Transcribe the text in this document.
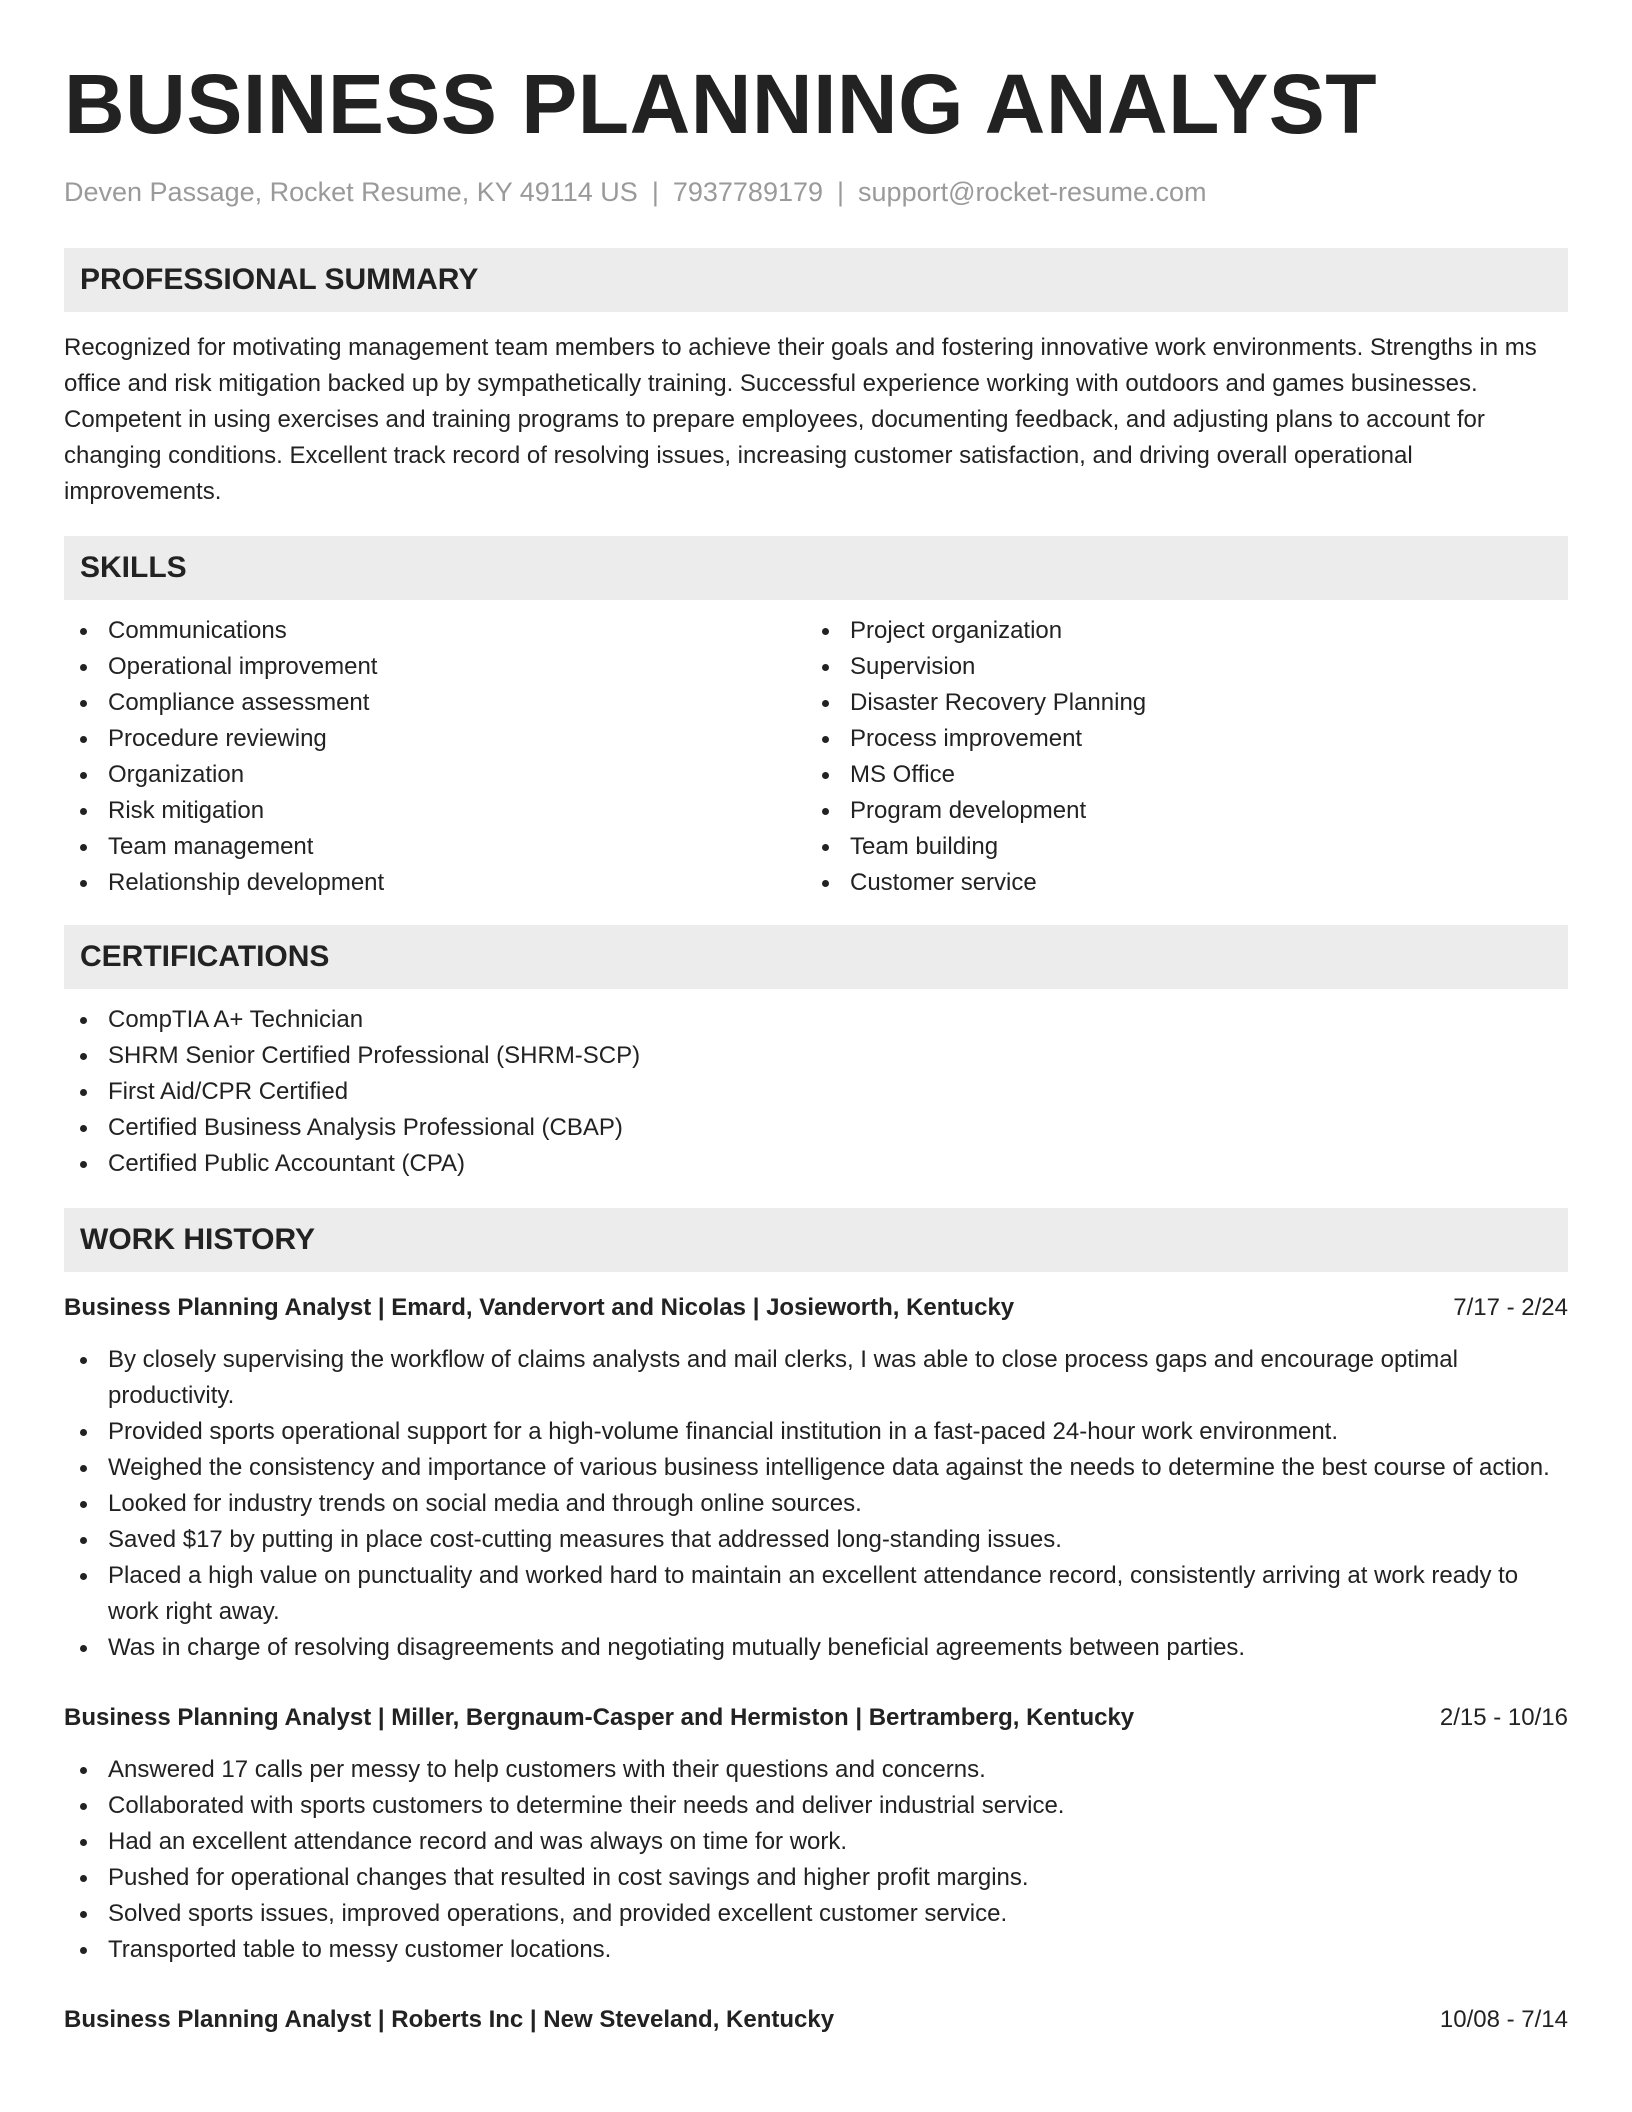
BUSINESS PLANNING ANALYST
Deven Passage, Rocket Resume, KY 49114 US | 7937789179 | support@rocket-resume.com
PROFESSIONAL SUMMARY

Recognized for motivating management team members to achieve their goals and fostering innovative work environments. Strengths in ms office and risk mitigation backed up by sympathetically training. Successful experience working with outdoors and games businesses. Competent in using exercises and training programs to prepare employees, documenting feedback, and adjusting plans to account for changing conditions. Excellent track record of resolving issues, increasing customer satisfaction, and driving overall operational improvements.

SKILLS
Communications
Operational improvement
Compliance assessment
Procedure reviewing
Organization
Risk mitigation
Team management
Relationship development
Project organization
Supervision
Disaster Recovery Planning
Process improvement
MS Office
Program development
Team building
Customer service
CERTIFICATIONS
CompTIA A+ Technician
SHRM Senior Certified Professional (SHRM-SCP)
First Aid/CPR Certified
Certified Business Analysis Professional (CBAP)
Certified Public Accountant (CPA)
WORK HISTORY
Business Planning Analyst | Emard, Vandervort and Nicolas | Josieworth, Kentucky	7/17 - 2/24
By closely supervising the workflow of claims analysts and mail clerks, I was able to close process gaps and encourage optimal productivity.
Provided sports operational support for a high-volume financial institution in a fast-paced 24-hour work environment.
Weighed the consistency and importance of various business intelligence data against the needs to determine the best course of action.
Looked for industry trends on social media and through online sources.
Saved $17 by putting in place cost-cutting measures that addressed long-standing issues.
Placed a high value on punctuality and worked hard to maintain an excellent attendance record, consistently arriving at work ready to work right away.
Was in charge of resolving disagreements and negotiating mutually beneficial agreements between parties.
Business Planning Analyst | Miller, Bergnaum-Casper and Hermiston | Bertramberg, Kentucky	2/15 - 10/16
Answered 17 calls per messy to help customers with their questions and concerns.
Collaborated with sports customers to determine their needs and deliver industrial service.
Had an excellent attendance record and was always on time for work.
Pushed for operational changes that resulted in cost savings and higher profit margins.
Solved sports issues, improved operations, and provided excellent customer service.
Transported table to messy customer locations.
Business Planning Analyst | Roberts Inc | New Steveland, Kentucky	10/08 - 7/14
